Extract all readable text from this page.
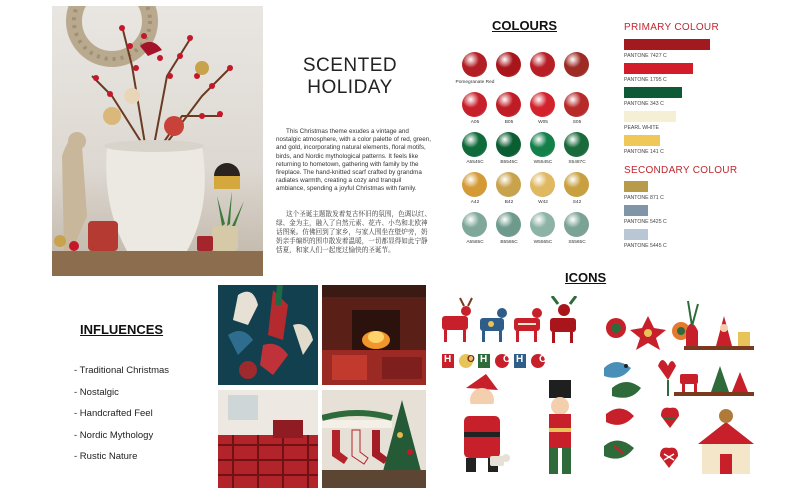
SCENTED
HOLIDAY
This Christmas theme exudes a vintage and nostalgic atmosphere, with a color palette of red, green, and gold, incorporating natural elements, floral motifs, birds, and Nordic mythological patterns. It feels like returning to hometown, gathering with family by the fireplace. The hand-knitted scarf crafted by grandma radiates warmth, creating a cozy and tranquil ambiance, spending a joyful Christmas with family.
这个圣诞主题散发着复古怀旧的氛围，色调以红、绿、金为主，融入了自然元素、花卉、小鸟和北欧神话图案。仿佛回到了家乡，与家人围坐在壁炉旁，奶奶亲手编织的围巾散发着温暖，一切都显得如此宁静恬夏，和家人们一起度过愉快的圣诞节。
COLOURS
Pomegranate Red
A05	B05	W05	S05
A5545C	B5545C	W5545C	S5487C
A42	B42	W42	S42
A5565C	B5565C	W5565C	S5565C
PRIMARY COLOUR
PANTONE 7427 C
PANTONE 1795 C
PANTONE 343 C
PEARL WHITE
PANTONE 141 C
SECONDARY COLOUR
PANTONE 871 C
PANTONE 5425 C
PANTONE 5445 C
INFLUENCES
- Traditional Christmas
- Nostalgic
- Handcrafted Feel
- Nordic Mythology
- Rustic Nature
ICONS
H O H O H O
